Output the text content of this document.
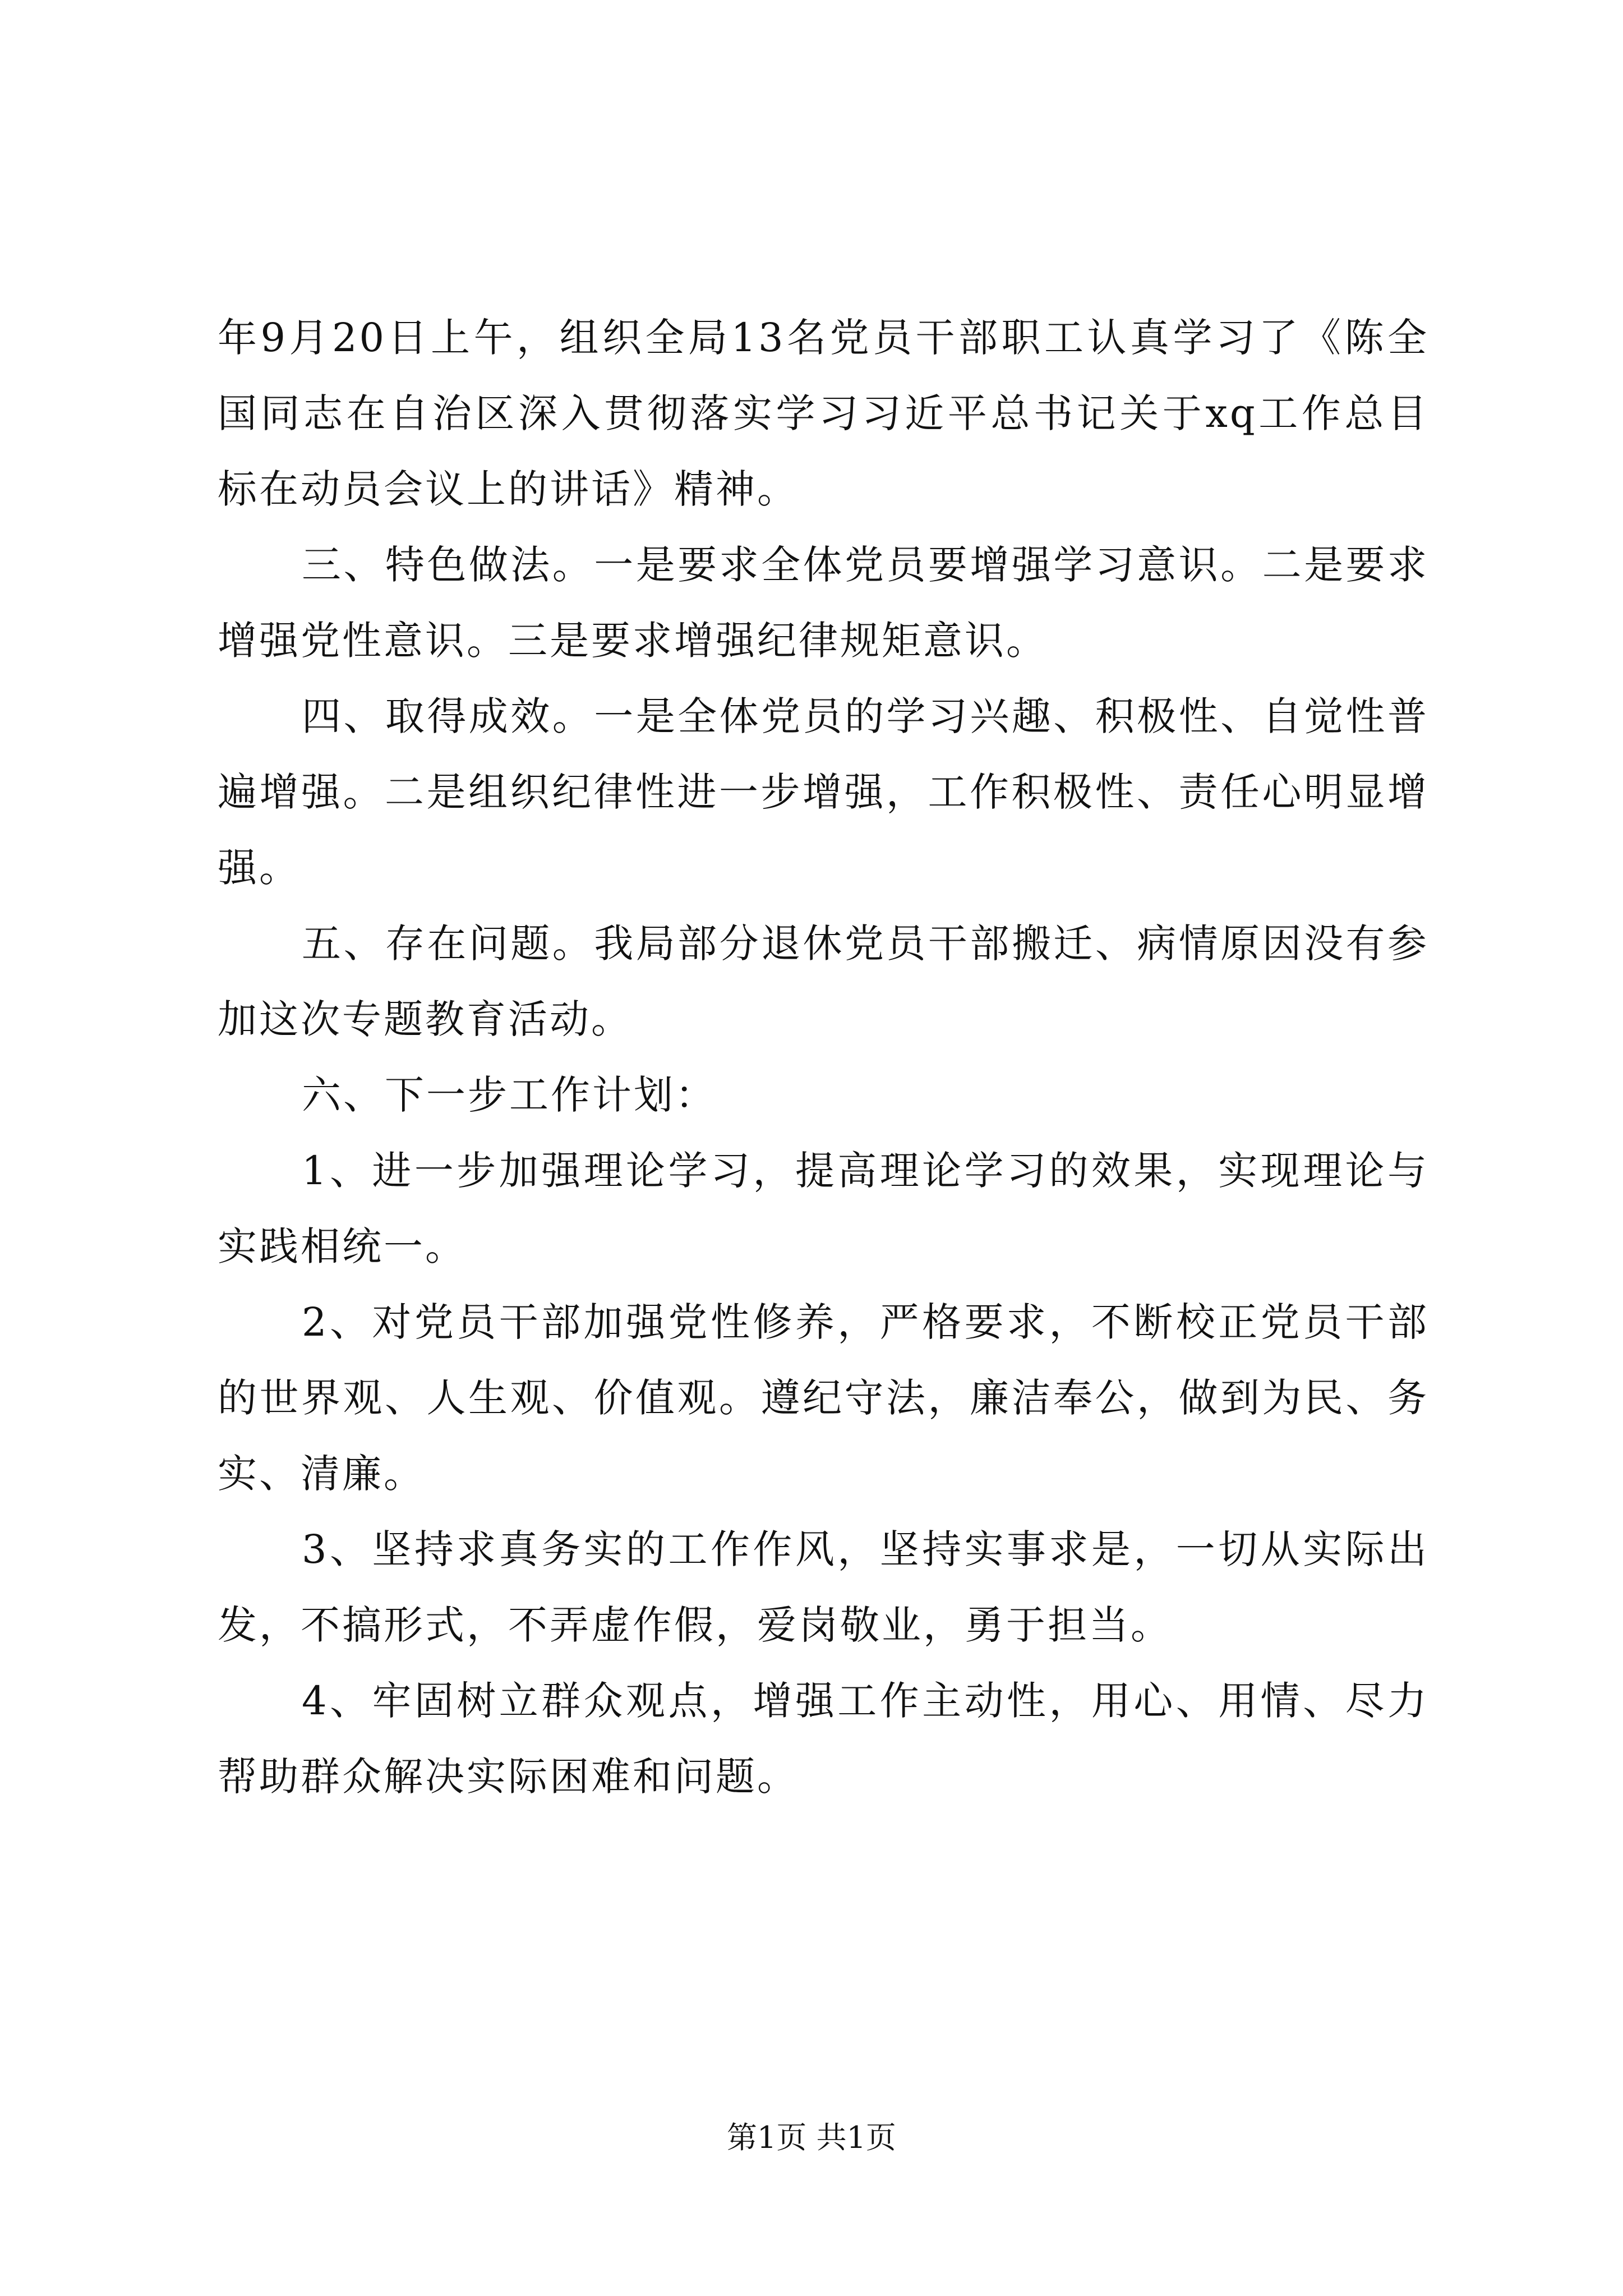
年9月20日上午，组织全局13名党员干部职工认真学习了《陈全国同志在自治区深入贯彻落实学习习近平总书记关于xq工作总目标在动员会议上的讲话》精神。

三、特色做法。一是要求全体党员要增强学习意识。二是要求增强党性意识。三是要求增强纪律规矩意识。

四、取得成效。一是全体党员的学习兴趣、积极性、自觉性普遍增强。二是组织纪律性进一步增强，工作积极性、责任心明显增强。

五、存在问题。我局部分退休党员干部搬迁、病情原因没有参加这次专题教育活动。

六、下一步工作计划：

1、进一步加强理论学习，提高理论学习的效果，实现理论与实践相统一。

2、对党员干部加强党性修养，严格要求，不断校正党员干部的世界观、人生观、价值观。遵纪守法，廉洁奉公，做到为民、务实、清廉。

3、坚持求真务实的工作作风，坚持实事求是，一切从实际出发，不搞形式，不弄虚作假，爱岗敬业，勇于担当。

4、牢固树立群众观点，增强工作主动性，用心、用情、尽力帮助群众解决实际困难和问题。

第1页 共1页
